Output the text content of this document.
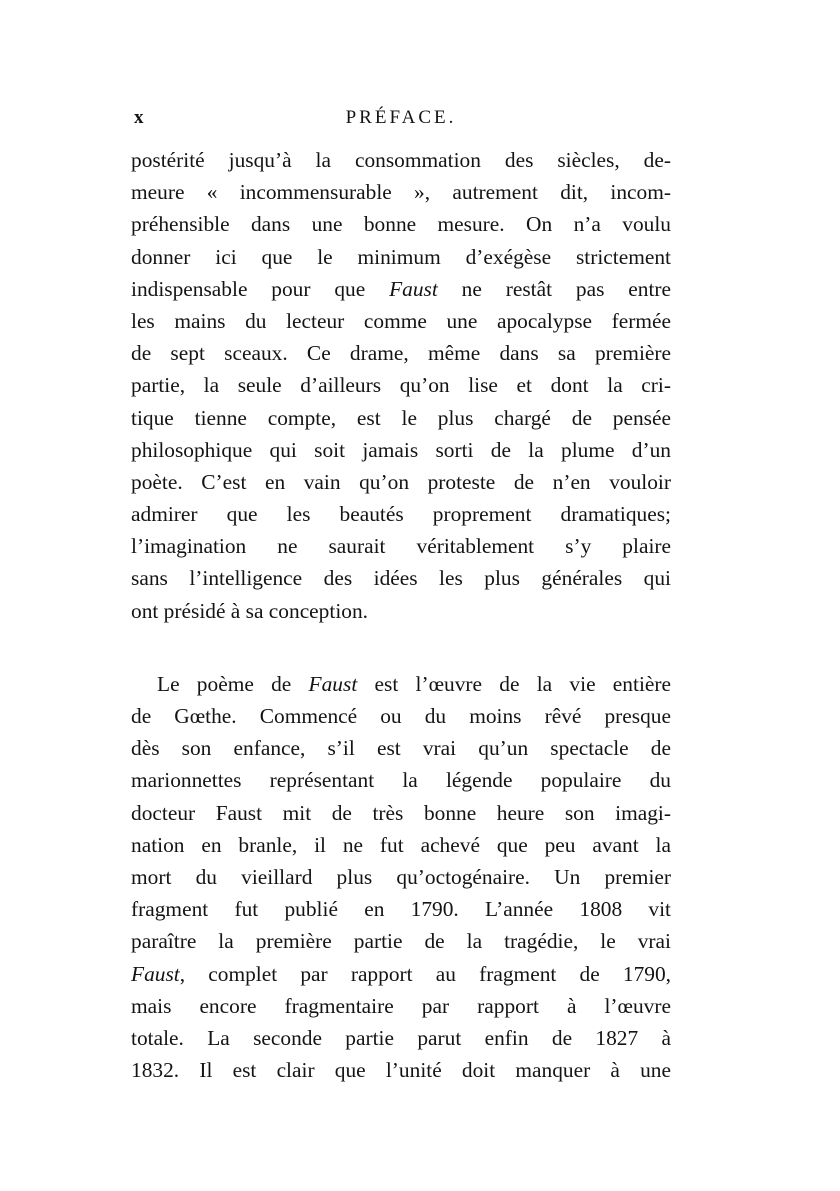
x	PRÉFACE.
postérité jusqu’à la consommation des siècles, de-
meure « incommensurable », autrement dit, incom-
préhensible dans une bonne mesure. On n’a voulu
donner ici que le minimum d’exégèse strictement
indispensable pour que Faust ne restât pas entre
les mains du lecteur comme une apocalypse fermée
de sept sceaux. Ce drame, même dans sa première
partie, la seule d’ailleurs qu’on lise et dont la cri-
tique tienne compte, est le plus chargé de pensée
philosophique qui soit jamais sorti de la plume d’un
poète. C’est en vain qu’on proteste de n’en vouloir
admirer que les beautés proprement dramatiques;
l’imagination ne saurait véritablement s’y plaire
sans l’intelligence des idées les plus générales qui
ont présidé à sa conception.
Le poème de Faust est l’œuvre de la vie entière
de Gœthe. Commencé ou du moins rêvé presque
dès son enfance, s’il est vrai qu’un spectacle de
marionnettes représentant la légende populaire du
docteur Faust mit de très bonne heure son imagi-
nation en branle, il ne fut achevé que peu avant la
mort du vieillard plus qu’octogénaire. Un premier
fragment fut publié en 1790. L’année 1808 vit
paraître la première partie de la tragédie, le vrai
Faust, complet par rapport au fragment de 1790,
mais encore fragmentaire par rapport à l’œuvre
totale. La seconde partie parut enfin de 1827 à
1832. Il est clair que l’unité doit manquer à une
